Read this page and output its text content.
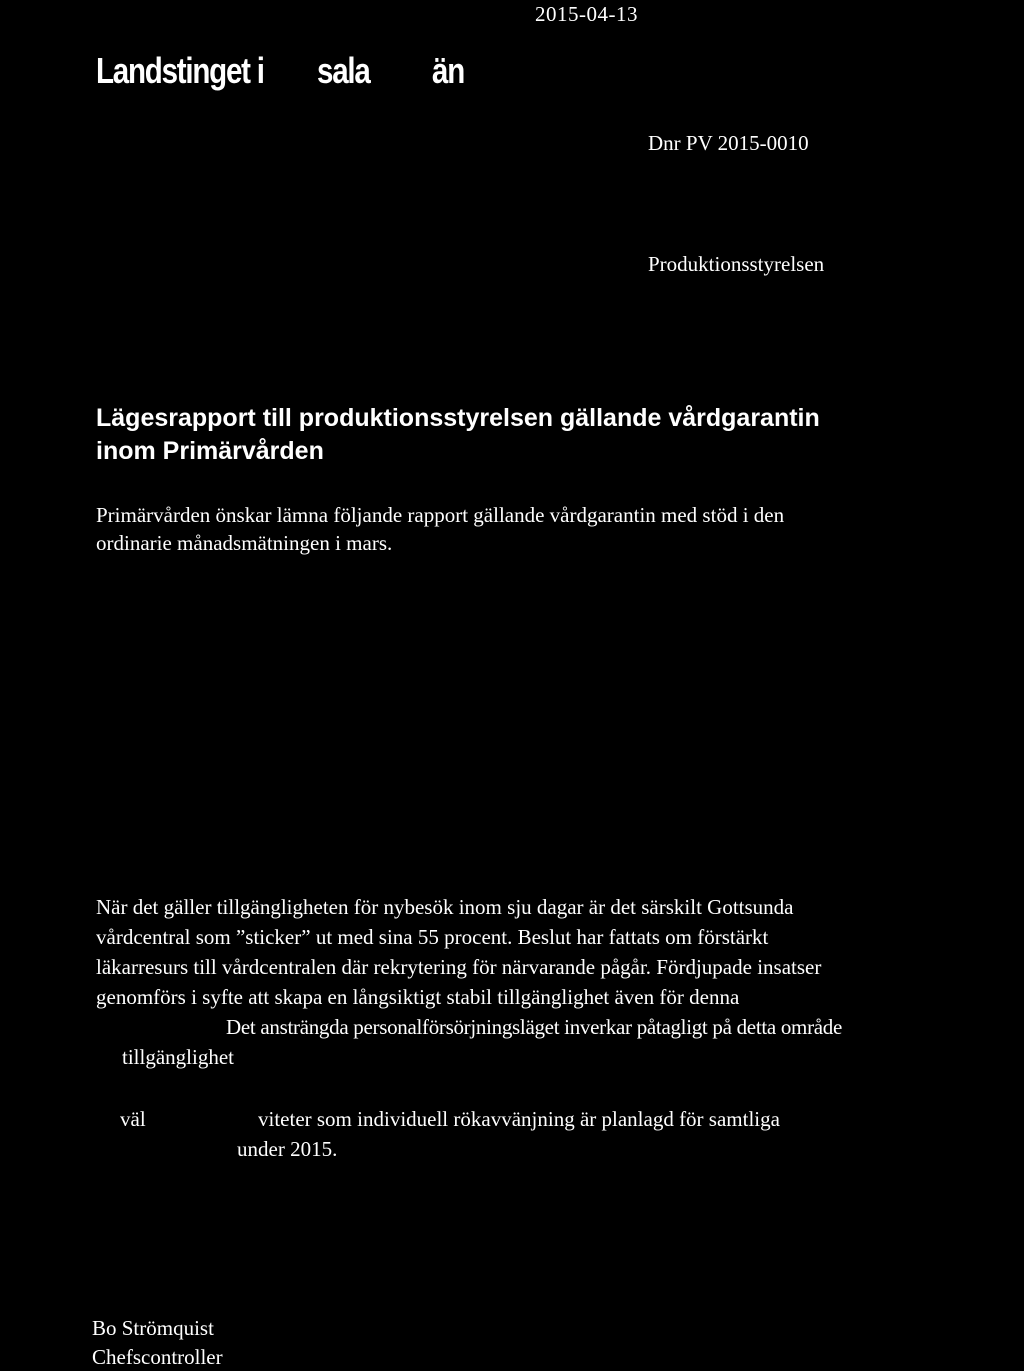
Landstinget i sala än
2015-04-13
Dnr PV 2015-0010
Produktionsstyrelsen
Lägesrapport till produktionsstyrelsen gällande vårdgarantin
inom Primärvården
Primärvården önskar lämna följande rapport gällande vårdgarantin med stöd i den
ordinarie månadsmätningen i mars.
När det gäller tillgängligheten för nybesök inom sju dagar är det särskilt Gottsunda
vårdcentral som ”sticker” ut med sina 55 procent. Beslut har fattats om förstärkt
läkarresurs till vårdcentralen där rekrytering för närvarande pågår. Fördjupade insatser
genomförs i syfte att skapa en långsiktigt stabil tillgänglighet även för denna
Det ansträngda personalförsörjningsläget inverkar påtagligt på detta område
tillgänglighet
väl	viteter som individuell rökavvänjning är planlagd för samtliga
under 2015.
Bo Strömquist
Chefscontroller
